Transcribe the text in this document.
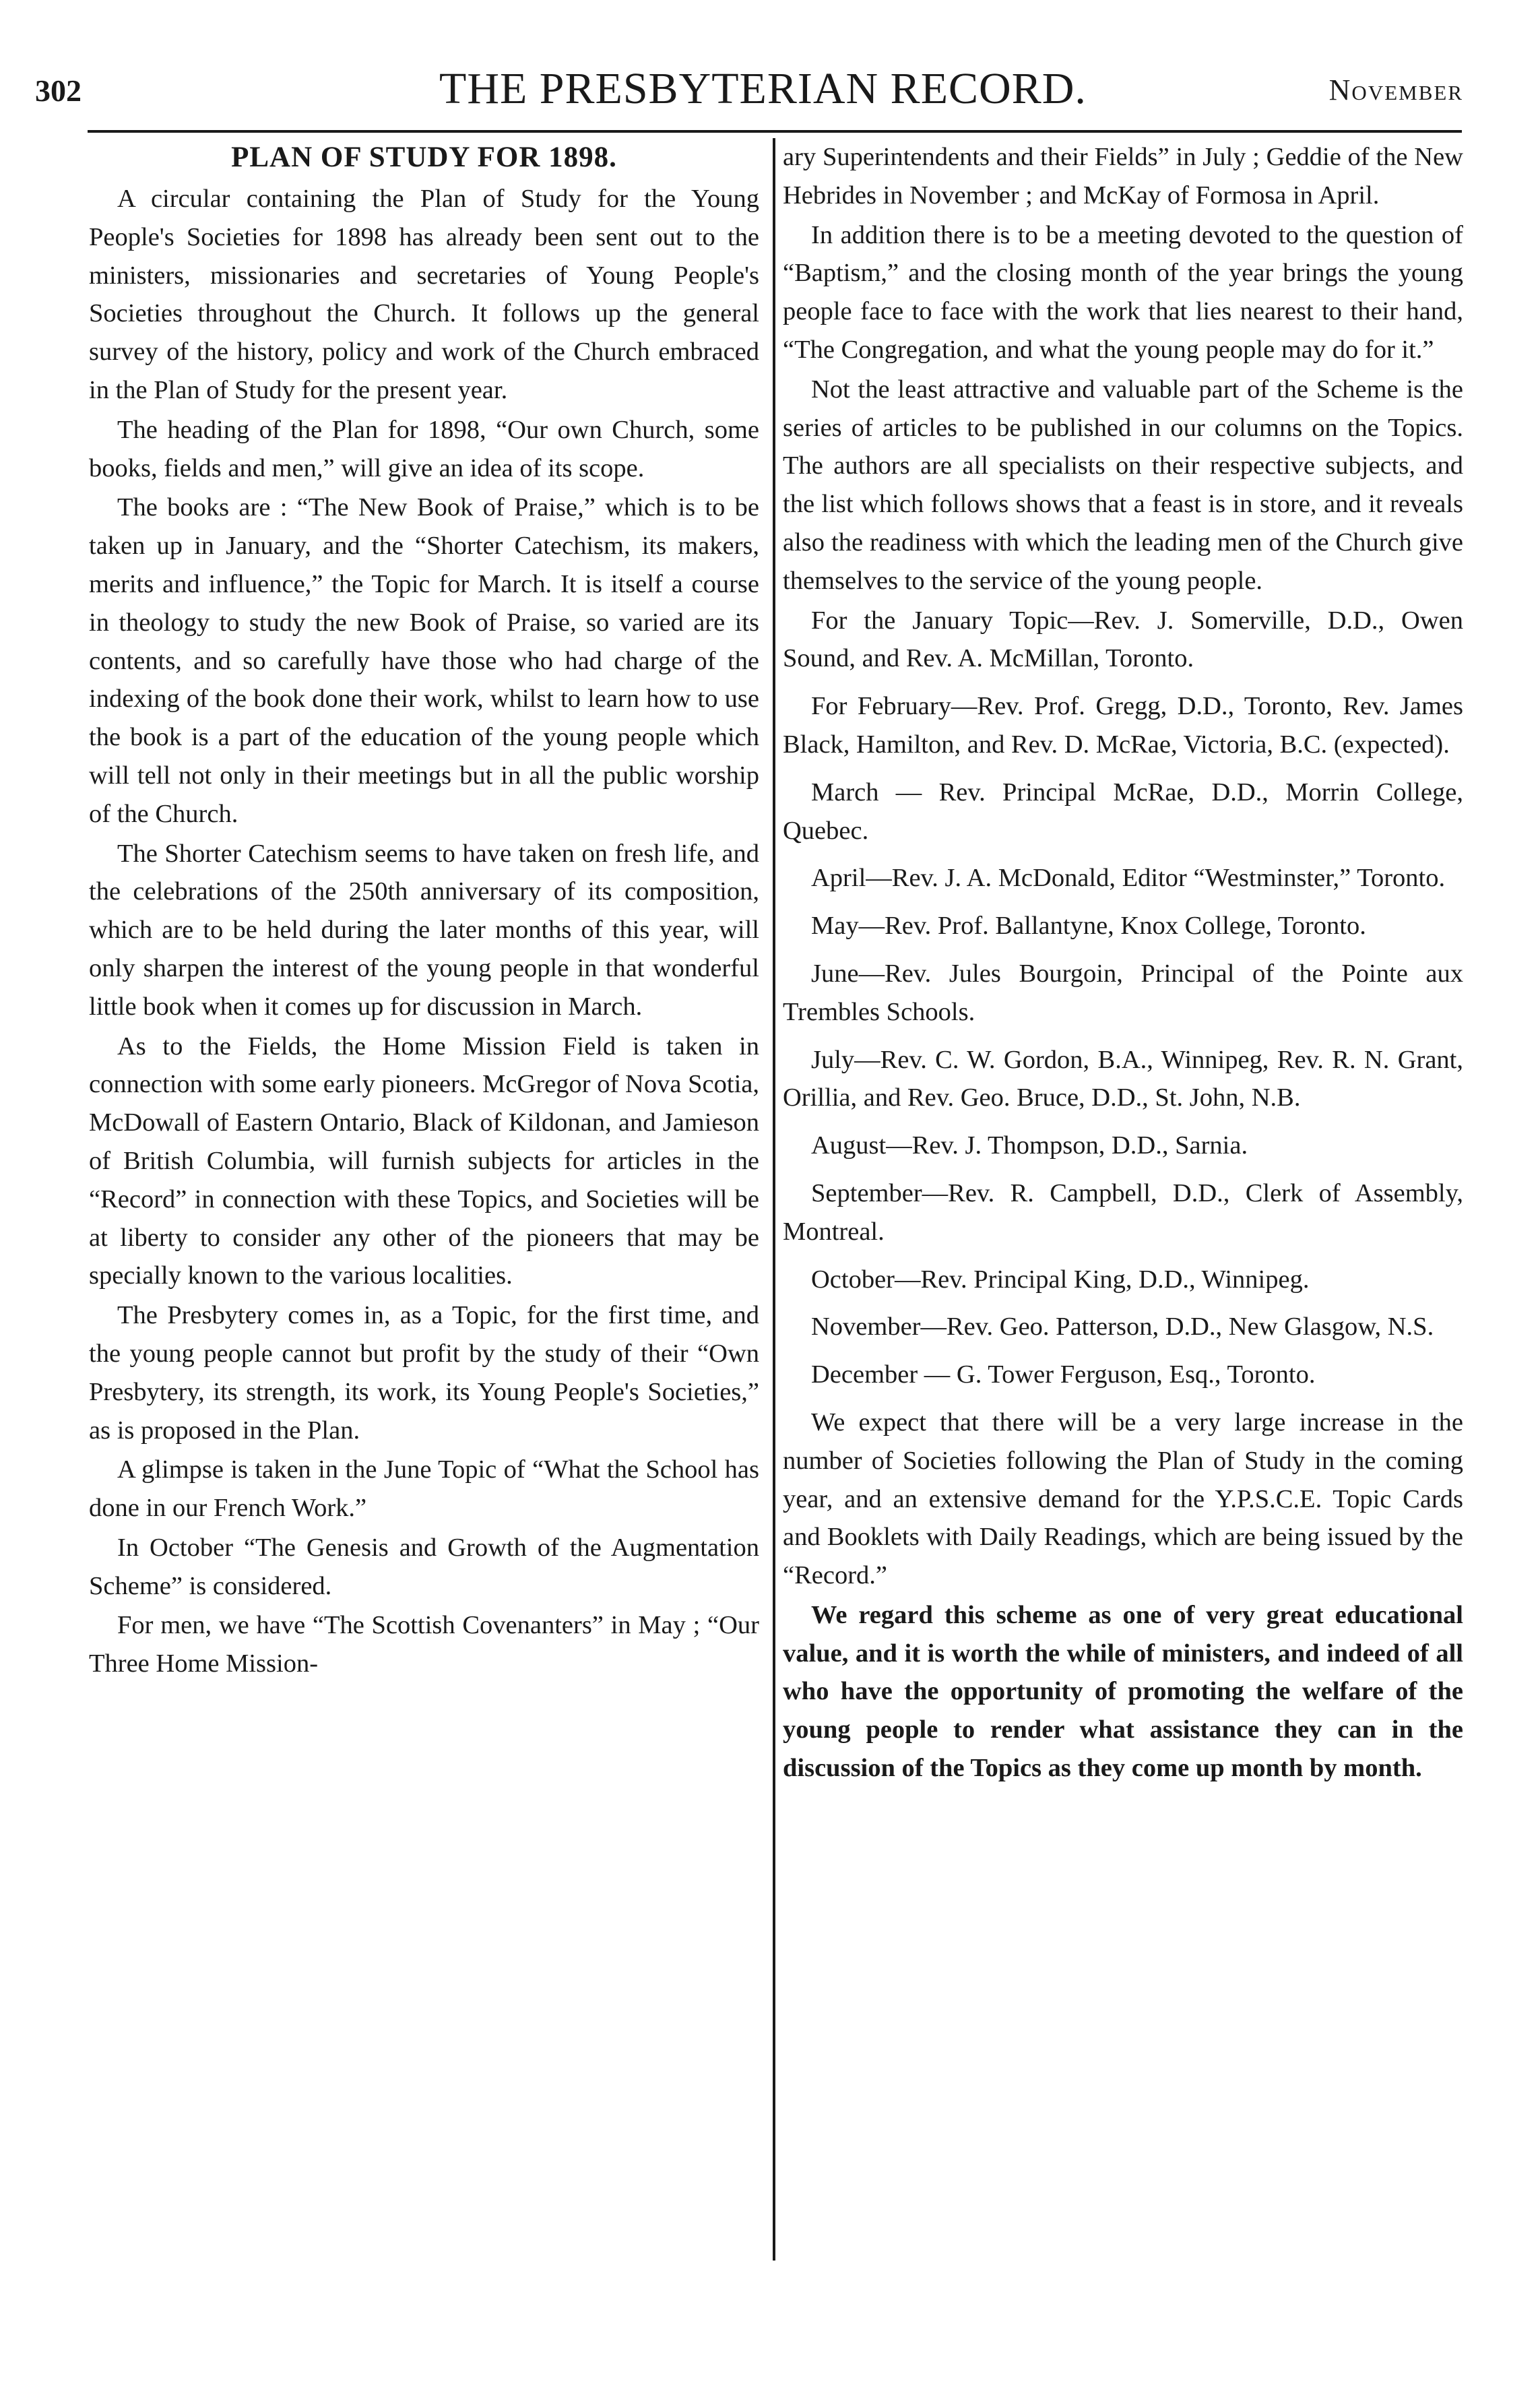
302	THE PRESBYTERIAN RECORD.	November
PLAN OF STUDY FOR 1898.

A circular containing the Plan of Study for the Young People's Societies for 1898 has already been sent out to the ministers, missionaries and secretaries of Young People's Societies throughout the Church. It follows up the general survey of the history, policy and work of the Church embraced in the Plan of Study for the present year.

The heading of the Plan for 1898, “Our own Church, some books, fields and men,” will give an idea of its scope.

The books are : “The New Book of Praise,” which is to be taken up in January, and the “Shorter Catechism, its makers, merits and influence,” the Topic for March. It is itself a course in theology to study the new Book of Praise, so varied are its contents, and so carefully have those who had charge of the indexing of the book done their work, whilst to learn how to use the book is a part of the education of the young people which will tell not only in their meetings but in all the public worship of the Church.

The Shorter Catechism seems to have taken on fresh life, and the celebrations of the 250th anniversary of its composition, which are to be held during the later months of this year, will only sharpen the interest of the young people in that wonderful little book when it comes up for discussion in March.

As to the Fields, the Home Mission Field is taken in connection with some early pioneers. McGregor of Nova Scotia, McDowall of Eastern Ontario, Black of Kildonan, and Jamieson of British Columbia, will furnish subjects for articles in the “Record” in connection with these Topics, and Societies will be at liberty to consider any other of the pioneers that may be specially known to the various localities.

The Presbytery comes in, as a Topic, for the first time, and the young people cannot but profit by the study of their “Own Presbytery, its strength, its work, its Young People's Societies,” as is proposed in the Plan.

A glimpse is taken in the June Topic of “What the School has done in our French Work.”

In October “The Genesis and Growth of the Augmentation Scheme” is considered.

For men, we have “The Scottish Covenanters” in May ; “Our Three Home Mission-

ary Superintendents and their Fields” in July ; Geddie of the New Hebrides in November ; and McKay of Formosa in April.

In addition there is to be a meeting devoted to the question of “Baptism,” and the closing month of the year brings the young people face to face with the work that lies nearest to their hand, “The Congregation, and what the young people may do for it.”

Not the least attractive and valuable part of the Scheme is the series of articles to be published in our columns on the Topics. The authors are all specialists on their respective subjects, and the list which follows shows that a feast is in store, and it reveals also the readiness with which the leading men of the Church give themselves to the service of the young people.

For the January Topic—Rev. J. Somerville, D.D., Owen Sound, and Rev. A. McMillan, Toronto.

For February—Rev. Prof. Gregg, D.D., Toronto, Rev. James Black, Hamilton, and Rev. D. McRae, Victoria, B.C. (expected).

March — Rev. Principal McRae, D.D., Morrin College, Quebec.

April—Rev. J. A. McDonald, Editor “Westminster,” Toronto.

May—Rev. Prof. Ballantyne, Knox College, Toronto.

June—Rev. Jules Bourgoin, Principal of the Pointe aux Trembles Schools.

July—Rev. C. W. Gordon, B.A., Winnipeg, Rev. R. N. Grant, Orillia, and Rev. Geo. Bruce, D.D., St. John, N.B.

August—Rev. J. Thompson, D.D., Sarnia.

September—Rev. R. Campbell, D.D., Clerk of Assembly, Montreal.

October—Rev. Principal King, D.D., Winnipeg.

November—Rev. Geo. Patterson, D.D., New Glasgow, N.S.

December — G. Tower Ferguson, Esq., Toronto.

We expect that there will be a very large increase in the number of Societies following the Plan of Study in the coming year, and an extensive demand for the Y.P.S.C.E. Topic Cards and Booklets with Daily Readings, which are being issued by the “Record.”

We regard this scheme as one of very great educational value, and it is worth the while of ministers, and indeed of all who have the opportunity of promoting the welfare of the young people to render what assistance they can in the discussion of the Topics as they come up month by month.
